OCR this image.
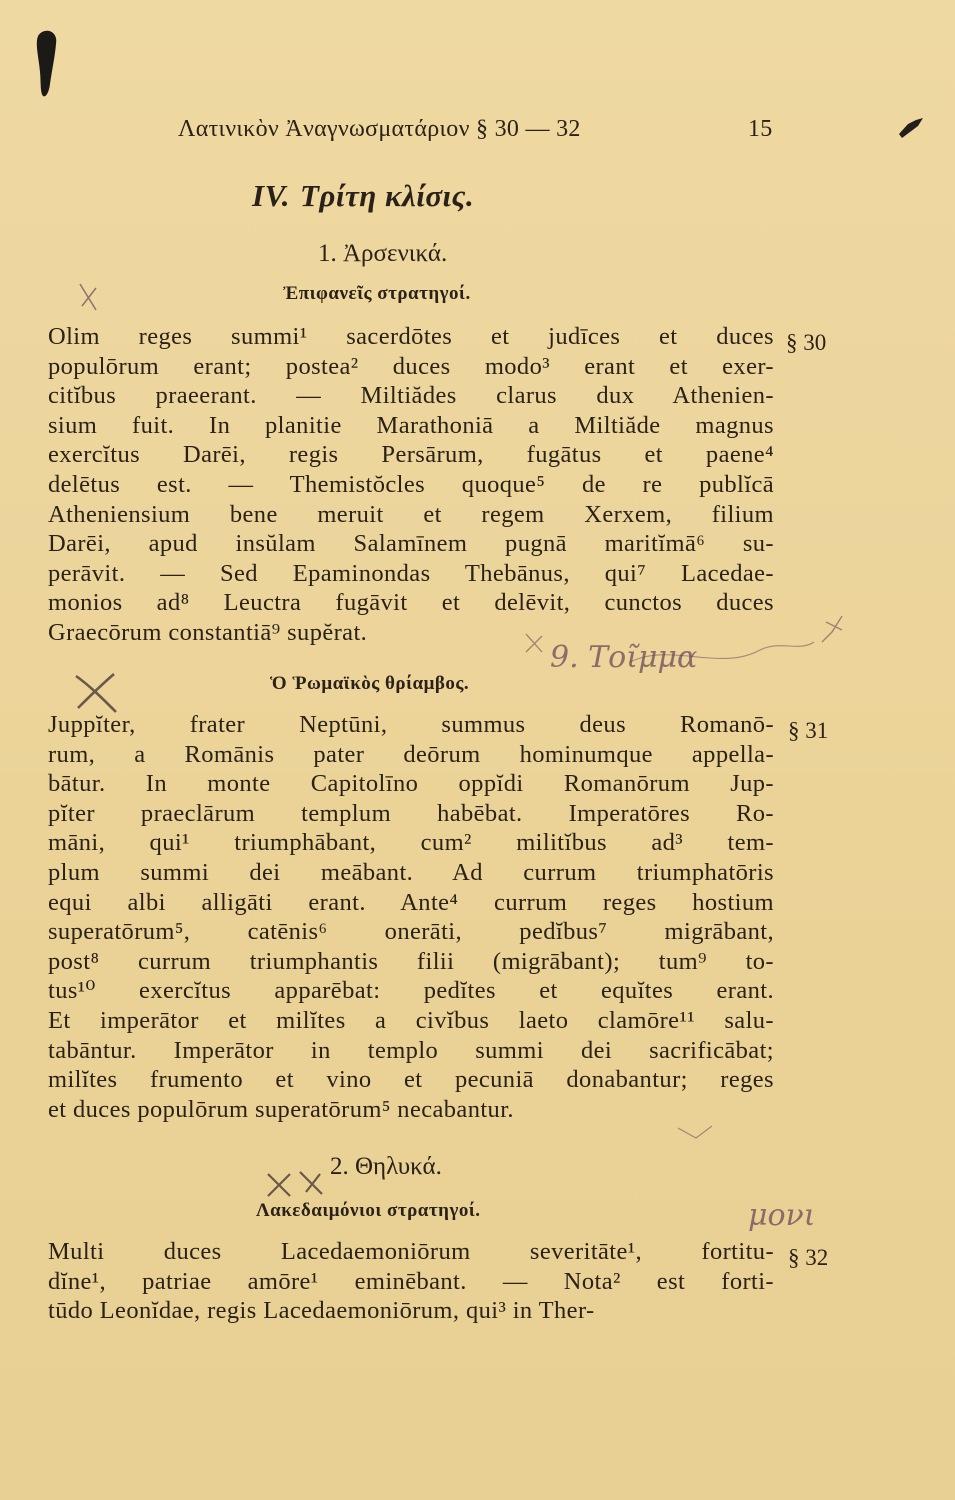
Λατινικὸν Ἀναγνωσματάριον § 30 — 32	15
IV. Τρίτη κλίσις.
1. Ἀρσενικά.
Ἐπιφανεῖς στρατηγοί.
§ 30
Olim reges summi¹ sacerdōtes et judīces et duces
populōrum erant; postea² duces modo³ erant et exer-
citĭbus praeerant. — Miltiădes clarus dux Athenien-
sium fuit. In planitie Marathoniā a Miltiăde magnus
exercĭtus Darēi, regis Persārum, fugātus et paene⁴
delētus est. — Themistŏcles quoque⁵ de re publĭcā
Atheniensium bene meruit et regem Xerxem, filium
Darēi, apud insŭlam Salamīnem pugnā maritĭmā⁶ su-
perāvit. — Sed Epaminondas Thebānus, qui⁷ Lacedae-
monios ad⁸ Leuctra fugāvit et delēvit, cunctos duces
Graecōrum constantiā⁹ supĕrat.
Ὁ Ῥωμαϊκὸς θρίαμβος.
§ 31
Juppĭter, frater Neptūni, summus deus Romanō-
rum, a Romānis pater deōrum hominumque appella-
bātur. In monte Capitolīno oppĭdi Romanōrum Jup-
pĭter praeclārum templum habēbat. Imperatōres Ro-
māni, qui¹ triumphābant, cum² militĭbus ad³ tem-
plum summi dei meābant. Ad currum triumphatōris
equi albi alligāti erant. Ante⁴ currum reges hostium
superatōrum⁵, catēnis⁶ onerāti, pedĭbus⁷ migrābant,
post⁸ currum triumphantis filii (migrābant); tum⁹ to-
tus¹⁰ exercĭtus apparēbat: pedĭtes et equĭtes erant.
Et imperātor et milĭtes a civĭbus laeto clamōre¹¹ salu-
tabāntur. Imperātor in templo summi dei sacrificābat;
milĭtes frumento et vino et pecuniā donabantur; reges
et duces populōrum superatōrum⁵ necabantur.
2. Θηλυκά.
Λακεδαιμόνιοι στρατηγοί.
§ 32
Multi duces Lacedaemoniōrum severitāte¹, fortitu-
dĭne¹, patriae amōre¹ eminēbant. — Nota² est forti-
tūdo Leonĭdae, regis Lacedaemoniōrum, qui³ in Ther-
9. Τοῖμμα
μονι
